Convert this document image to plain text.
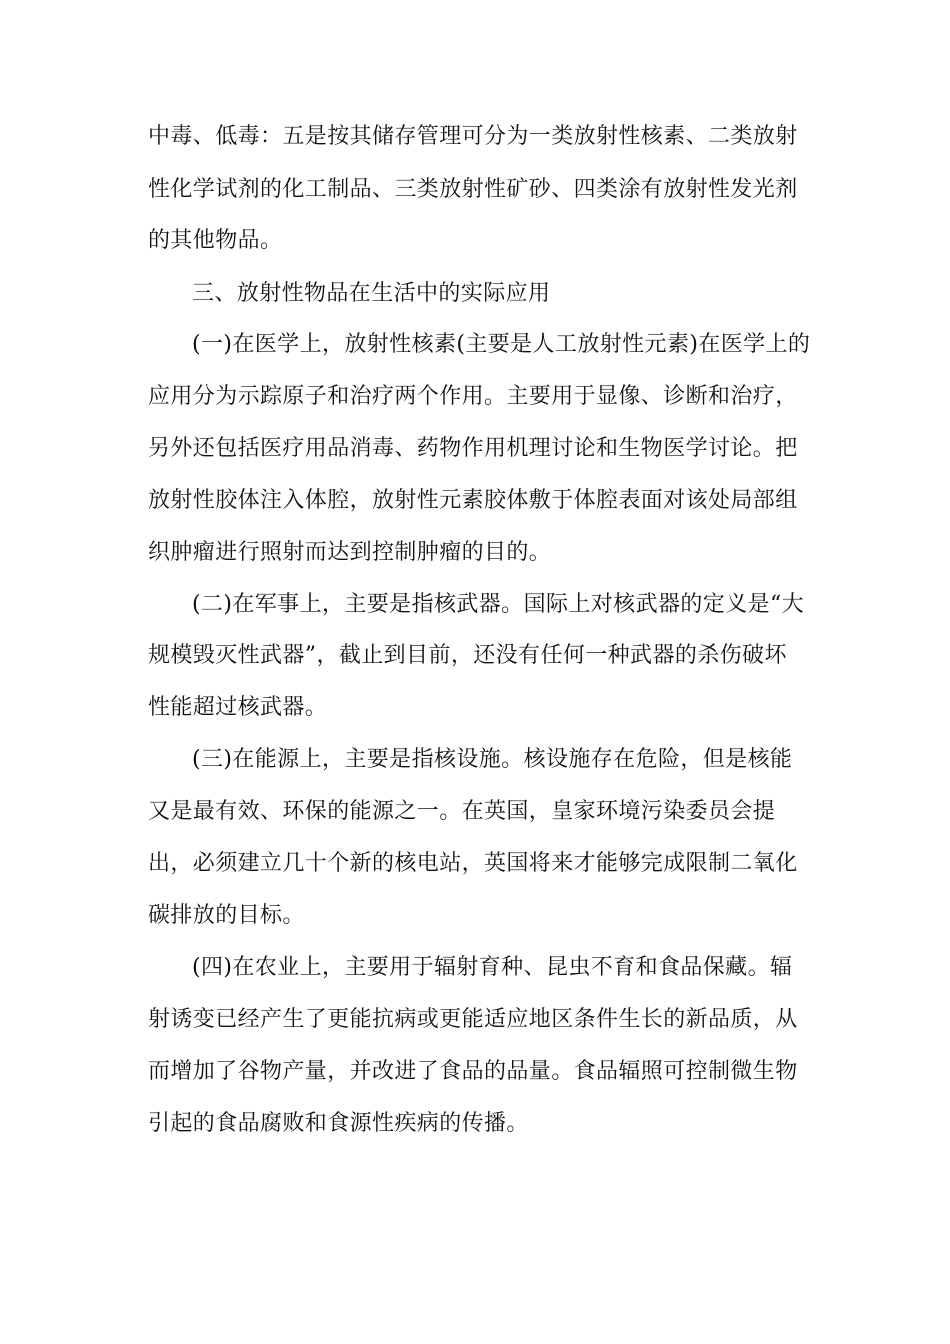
中毒、低毒：五是按其储存管理可分为一类放射性核素、二类放射
性化学试剂的化工制品、三类放射性矿砂、四类涂有放射性发光剂
的其他物品。
三、放射性物品在生活中的实际应用
(一)在医学上，放射性核素(主要是人工放射性元素)在医学上的
应用分为示踪原子和治疗两个作用。主要用于显像、诊断和治疗，
另外还包括医疗用品消毒、药物作用机理讨论和生物医学讨论。把
放射性胶体注入体腔，放射性元素胶体敷于体腔表面对该处局部组
织肿瘤进行照射而达到控制肿瘤的目的。
(二)在军事上，主要是指核武器。国际上对核武器的定义是“大
规模毁灭性武器”，截止到目前，还没有任何一种武器的杀伤破坏
性能超过核武器。
(三)在能源上，主要是指核设施。核设施存在危险，但是核能
又是最有效、环保的能源之一。在英国，皇家环境污染委员会提
出，必须建立几十个新的核电站，英国将来才能够完成限制二氧化
碳排放的目标。
(四)在农业上，主要用于辐射育种、昆虫不育和食品保藏。辐
射诱变已经产生了更能抗病或更能适应地区条件生长的新品质，从
而增加了谷物产量，并改进了食品的品量。食品辐照可控制微生物
引起的食品腐败和食源性疾病的传播。
